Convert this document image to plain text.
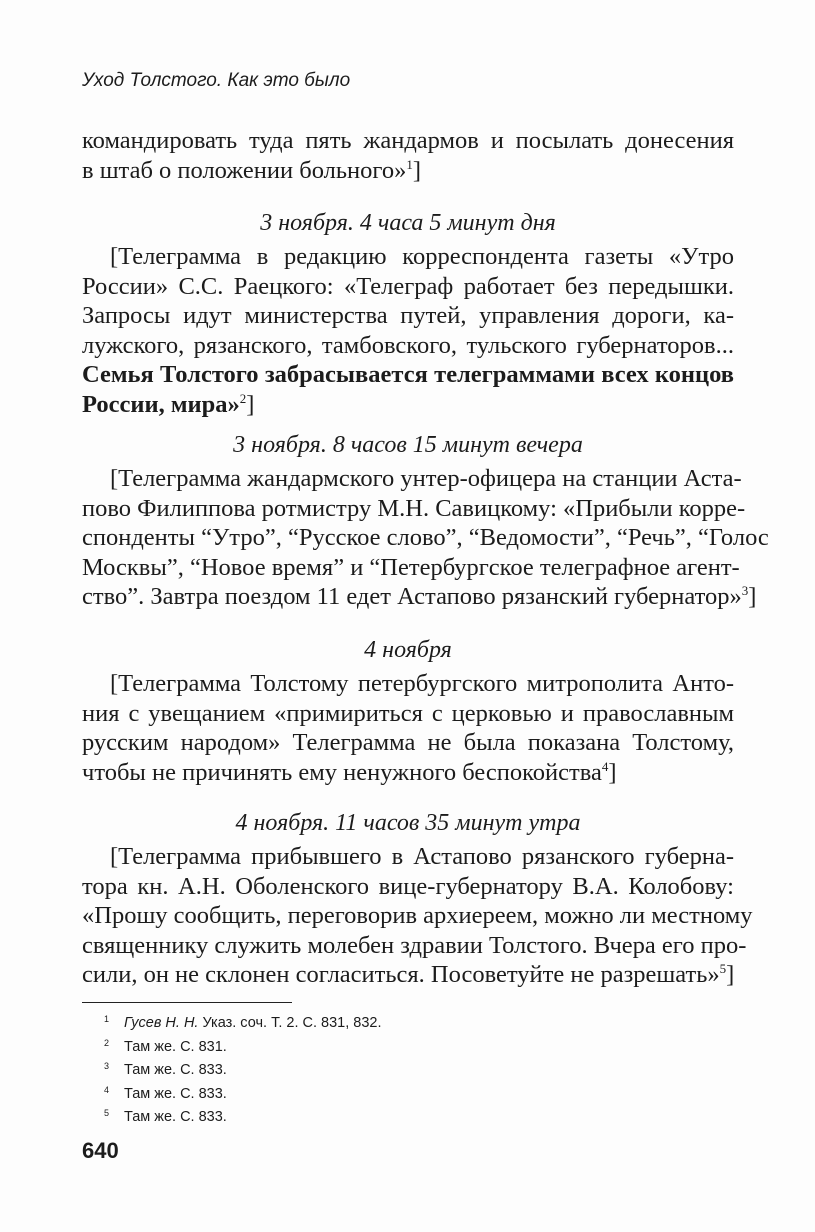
Уход Толстого. Как это было
командировать туда пять жандармов и посылать донесения
в штаб о положении больного»$^1$]
3 ноября. 4 часа 5 минут дня
[Телеграмма в редакцию корреспондента газеты «Утро
России» С.С. Раецкого: «Телеграф работает без передышки.
Запросы идут министерства путей, управления дороги, ка-
лужского, рязанского, тамбовского, тульского губернаторов...
Семья Толстого забрасывается телеграммами всех концов
России, мира»$^2$]
3 ноября. 8 часов 15 минут вечера
[Телеграмма жандармского унтер-офицера на станции Аста-
пово Филиппова ротмистру М.Н. Савицкому: «Прибыли корре-
спонденты “Утро”, “Русское слово”, “Ведомости”, “Речь”, “Голос
Москвы”, “Новое время” и “Петербургское телеграфное агент-
ство”. Завтра поездом 11 едет Астапово рязанский губернатор»$^3$]
4 ноября
[Телеграмма Толстому петербургского митрополита Анто-
ния с увещанием «примириться с церковью и православным
русским народом» Телеграмма не была показана Толстому,
чтобы не причинять ему ненужного беспокойства$^4$]
4 ноября. 11 часов 35 минут утра
[Телеграмма прибывшего в Астапово рязанского губерна-
тора кн. А.Н. Оболенского вице-губернатору В.А. Колобову:
«Прошу сообщить, переговорив архиереем, можно ли местному
священнику служить молебен здравии Толстого. Вчера его про-
сили, он не склонен согласиться. Посоветуйте не разрешать»$^5$]
1 Гусев Н. Н. Указ. соч. Т. 2. С. 831, 832.
2 Там же. С. 831.
3 Там же. С. 833.
4 Там же. С. 833.
5 Там же. С. 833.
640
